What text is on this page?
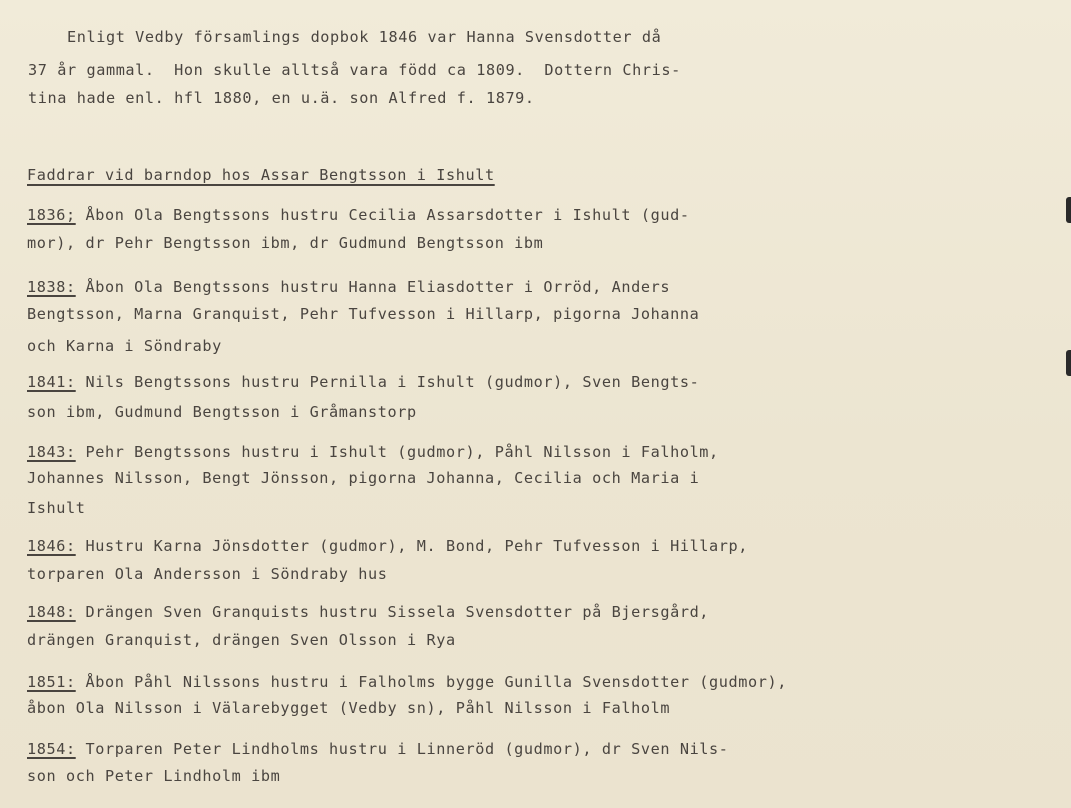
Enligt Vedby församlings dopbok 1846 var Hanna Svensdotter då
37 år gammal.  Hon skulle alltså vara född ca 1809.  Dottern Chris-
tina hade enl. hfl 1880, en u.ä. son Alfred f. 1879.
Faddrar vid barndop hos Assar Bengtsson i Ishult
1836; Åbon Ola Bengtssons hustru Cecilia Assarsdotter i Ishult (gud-
mor), dr Pehr Bengtsson ibm, dr Gudmund Bengtsson ibm
1838: Åbon Ola Bengtssons hustru Hanna Eliasdotter i Orröd, Anders
Bengtsson, Marna Granquist, Pehr Tufvesson i Hillarp, pigorna Johanna
och Karna i Söndraby
1841: Nils Bengtssons hustru Pernilla i Ishult (gudmor), Sven Bengts-
son ibm, Gudmund Bengtsson i Gråmanstorp
1843: Pehr Bengtssons hustru i Ishult (gudmor), Påhl Nilsson i Falholm,
Johannes Nilsson, Bengt Jönsson, pigorna Johanna, Cecilia och Maria i
Ishult
1846: Hustru Karna Jönsdotter (gudmor), M. Bond, Pehr Tufvesson i Hillarp,
torparen Ola Andersson i Söndraby hus
1848: Drängen Sven Granquists hustru Sissela Svensdotter på Bjersgård,
drängen Granquist, drängen Sven Olsson i Rya
1851: Åbon Påhl Nilssons hustru i Falholms bygge Gunilla Svensdotter (gudmor),
åbon Ola Nilsson i Välarebygget (Vedby sn), Påhl Nilsson i Falholm
1854: Torparen Peter Lindholms hustru i Linneröd (gudmor), dr Sven Nils-
son och Peter Lindholm ibm
